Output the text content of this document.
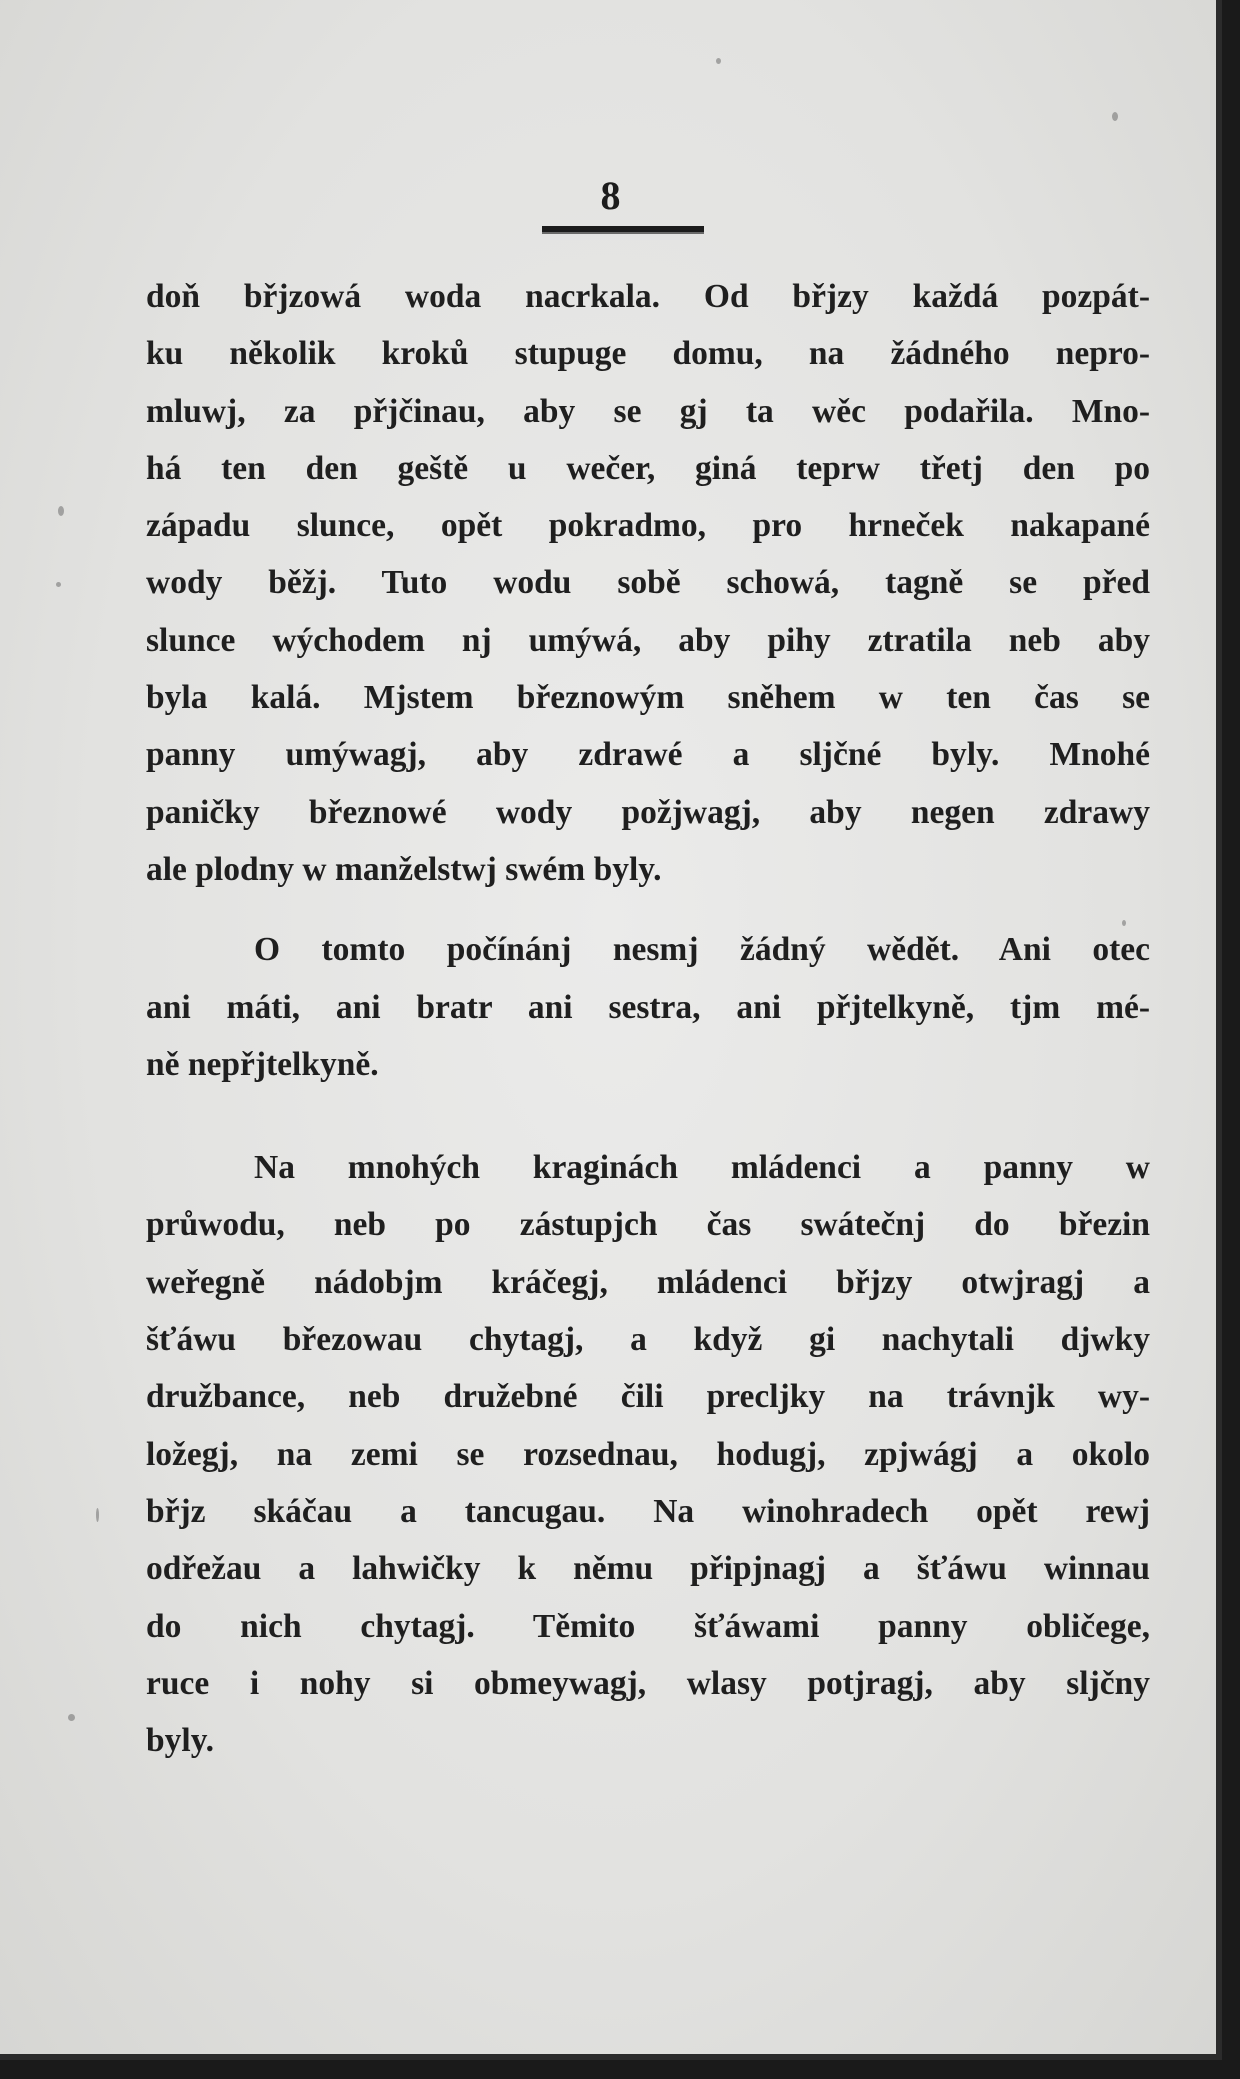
8
doň břjzowá woda nacrkala. Od břjzy každá pozpát-
ku několik kroků stupuge domu, na žádného nepro-
mluwj, za přjčinau, aby se gj ta wěc podařila. Mno-
há ten den geště u wečer, giná teprw třetj den po
západu slunce, opět pokradmo, pro hrneček nakapané
wody běžj. Tuto wodu sobě schowá, tagně se před
slunce wýchodem nj umýwá, aby pihy ztratila neb aby
byla kalá. Mjstem březnowým sněhem w ten čas se
panny umýwagj, aby zdrawé a sljčné byly. Mnohé
paničky březnowé wody požjwagj, aby negen zdrawy
ale plodny w manželstwj swém byly.
O tomto počínánj nesmj žádný wědět. Ani otec
ani máti, ani bratr ani sestra, ani přjtelkyně, tjm mé-
ně nepřjtelkyně.
Na mnohých kraginách mládenci a panny w
průwodu, neb po zástupjch čas swátečnj do březin
weřegně nádobjm kráčegj, mládenci břjzy otwjragj a
šťáwu březowau chytagj, a když gi nachytali djwky
družbance, neb družebné čili precljky na trávnjk wy-
ložegj, na zemi se rozsednau, hodugj, zpjwágj a okolo
břjz skáčau a tancugau. Na winohradech opět rewj
odřežau a lahwičky k němu připjnagj a šťáwu winnau
do nich chytagj. Těmito šťáwami panny obličege,
ruce i nohy si obmeywagj, wlasy potjragj, aby sljčny
byly.
